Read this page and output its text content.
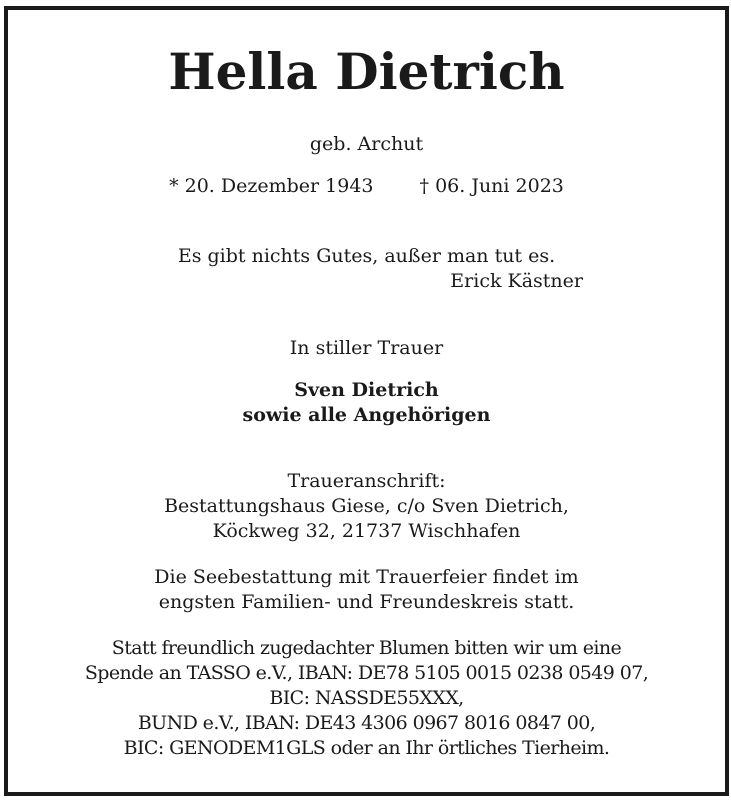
Hella Dietrich
geb. Archut
* 20. Dezember 1943 † 06. Juni 2023
Es gibt nichts Gutes, außer man tut es.
Erick Kästner
In stiller Trauer
Sven Dietrich
sowie alle Angehörigen
Traueranschrift:
Bestattungshaus Giese, c/o Sven Dietrich,
Köckweg 32, 21737 Wischhafen
Die Seebestattung mit Trauerfeier findet im
engsten Familien- und Freundeskreis statt.
Statt freundlich zugedachter Blumen bitten wir um eine
Spende an TASSO e.V., IBAN: DE78 5105 0015 0238 0549 07,
BIC: NASSDE55XXX,
BUND e.V., IBAN: DE43 4306 0967 8016 0847 00,
BIC: GENODEM1GLS oder an Ihr örtliches Tierheim.
